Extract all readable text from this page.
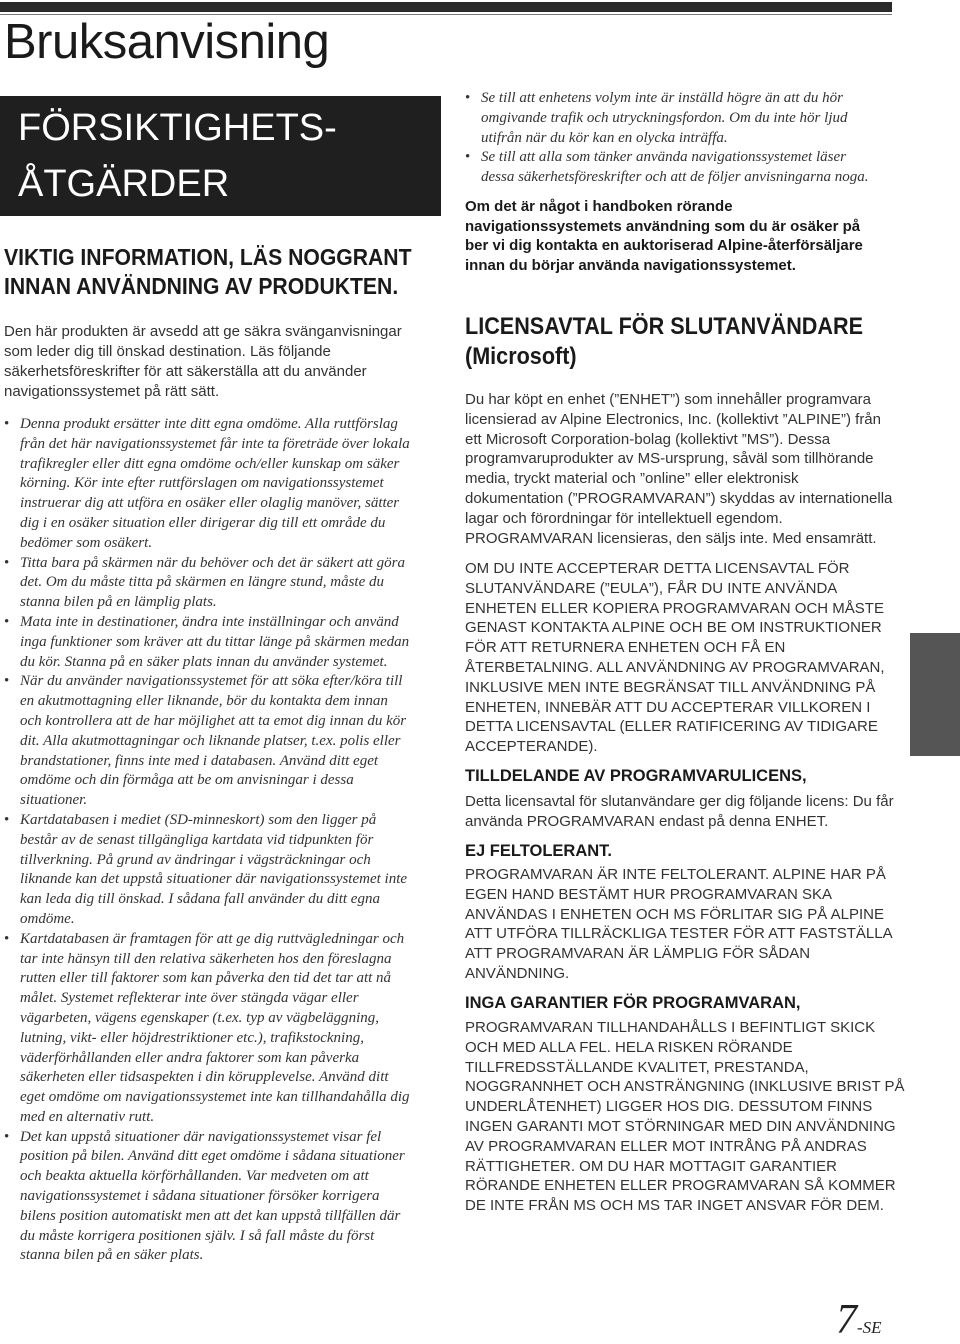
Bruksanvisning
FÖRSIKTIGHETS-
ÅTGÄRDER
VIKTIG INFORMATION, LÄS NOGGRANT
INNAN ANVÄNDNING AV PRODUKTEN.
Den här produkten är avsedd att ge säkra svänganvisningar
som leder dig till önskad destination. Läs följande
säkerhetsföreskrifter för att säkerställa att du använder
navigationssystemet på rätt sätt.
• Denna produkt ersätter inte ditt egna omdöme. Alla ruttförslag
från det här navigationssystemet får inte ta företräde över lokala
trafikregler eller ditt egna omdöme och/eller kunskap om säker
körning. Kör inte efter ruttförslagen om navigationssystemet
instruerar dig att utföra en osäker eller olaglig manöver, sätter
dig i en osäker situation eller dirigerar dig till ett område du
bedömer som osäkert.
• Titta bara på skärmen när du behöver och det är säkert att göra
det. Om du måste titta på skärmen en längre stund, måste du
stanna bilen på en lämplig plats.
• Mata inte in destinationer, ändra inte inställningar och använd
inga funktioner som kräver att du tittar länge på skärmen medan
du kör. Stanna på en säker plats innan du använder systemet.
• När du använder navigationssystemet för att söka efter/köra till
en akutmottagning eller liknande, bör du kontakta dem innan
och kontrollera att de har möjlighet att ta emot dig innan du kör
dit. Alla akutmottagningar och liknande platser, t.ex. polis eller
brandstationer, finns inte med i databasen. Använd ditt eget
omdöme och din förmåga att be om anvisningar i dessa
situationer.
• Kartdatabasen i mediet (SD-minneskort) som den ligger på
består av de senast tillgängliga kartdata vid tidpunkten för
tillverkning. På grund av ändringar i vägsträckningar och
liknande kan det uppstå situationer där navigationssystemet inte
kan leda dig till önskad. I sådana fall använder du ditt egna
omdöme.
• Kartdatabasen är framtagen för att ge dig ruttvägledningar och
tar inte hänsyn till den relativa säkerheten hos den föreslagna
rutten eller till faktorer som kan påverka den tid det tar att nå
målet. Systemet reflekterar inte över stängda vägar eller
vägarbeten, vägens egenskaper (t.ex. typ av vägbeläggning,
lutning, vikt- eller höjdrestriktioner etc.), trafikstockning,
väderförhållanden eller andra faktorer som kan påverka
säkerheten eller tidsaspekten i din körupplevelse. Använd ditt
eget omdöme om navigationssystemet inte kan tillhandahålla dig
med en alternativ rutt.
• Det kan uppstå situationer där navigationssystemet visar fel
position på bilen. Använd ditt eget omdöme i sådana situationer
och beakta aktuella körförhållanden. Var medveten om att
navigationssystemet i sådana situationer försöker korrigera
bilens position automatiskt men att det kan uppstå tillfällen där
du måste korrigera positionen själv. I så fall måste du först
stanna bilen på en säker plats.
• Se till att enhetens volym inte är inställd högre än att du hör
omgivande trafik och utryckningsfordon. Om du inte hör ljud
utifrån när du kör kan en olycka inträffa.
• Se till att alla som tänker använda navigationssystemet läser
dessa säkerhetsföreskrifter och att de följer anvisningarna noga.
Om det är något i handboken rörande
navigationssystemets användning som du är osäker på
ber vi dig kontakta en auktoriserad Alpine-återförsäljare
innan du börjar använda navigationssystemet.
LICENSAVTAL FÖR SLUTANVÄNDARE
(Microsoft)
Du har köpt en enhet (”ENHET”) som innehåller programvara
licensierad av Alpine Electronics, Inc. (kollektivt ”ALPINE”) från
ett Microsoft Corporation-bolag (kollektivt ”MS”). Dessa
programvaruprodukter av MS-ursprung, såväl som tillhörande
media, tryckt material och ”online” eller elektronisk
dokumentation (”PROGRAMVARAN”) skyddas av internationella
lagar och förordningar för intellektuell egendom.
PROGRAMVARAN licensieras, den säljs inte. Med ensamrätt.
OM DU INTE ACCEPTERAR DETTA LICENSAVTAL FÖR
SLUTANVÄNDARE (”EULA”), FÅR DU INTE ANVÄNDA
ENHETEN ELLER KOPIERA PROGRAMVARAN OCH MÅSTE
GENAST KONTAKTA ALPINE OCH BE OM INSTRUKTIONER
FÖR ATT RETURNERA ENHETEN OCH FÅ EN
ÅTERBETALNING. ALL ANVÄNDNING AV PROGRAMVARAN,
INKLUSIVE MEN INTE BEGRÄNSAT TILL ANVÄNDNING PÅ
ENHETEN, INNEBÄR ATT DU ACCEPTERAR VILLKOREN I
DETTA LICENSAVTAL (ELLER RATIFICERING AV TIDIGARE
ACCEPTERANDE).
TILLDELANDE AV PROGRAMVARULICENS,
Detta licensavtal för slutanvändare ger dig följande licens: Du får
använda PROGRAMVARAN endast på denna ENHET.
EJ FELTOLERANT.
PROGRAMVARAN ÄR INTE FELTOLERANT. ALPINE HAR PÅ
EGEN HAND BESTÄMT HUR PROGRAMVARAN SKA
ANVÄNDAS I ENHETEN OCH MS FÖRLITAR SIG PÅ ALPINE
ATT UTFÖRA TILLRÄCKLIGA TESTER FÖR ATT FASTSTÄLLA
ATT PROGRAMVARAN ÄR LÄMPLIG FÖR SÅDAN
ANVÄNDNING.
INGA GARANTIER FÖR PROGRAMVARAN,
PROGRAMVARAN TILLHANDAHÅLLS I BEFINTLIGT SKICK
OCH MED ALLA FEL. HELA RISKEN RÖRANDE
TILLFREDSSTÄLLANDE KVALITET, PRESTANDA,
NOGGRANNHET OCH ANSTRÄNGNING (INKLUSIVE BRIST PÅ
UNDERLÅTENHET) LIGGER HOS DIG. DESSUTOM FINNS
INGEN GARANTI MOT STÖRNINGAR MED DIN ANVÄNDNING
AV PROGRAMVARAN ELLER MOT INTRÅNG PÅ ANDRAS
RÄTTIGHETER. OM DU HAR MOTTAGIT GARANTIER
RÖRANDE ENHETEN ELLER PROGRAMVARAN SÅ KOMMER
DE INTE FRÅN MS OCH MS TAR INGET ANSVAR FÖR DEM.
7-SE
